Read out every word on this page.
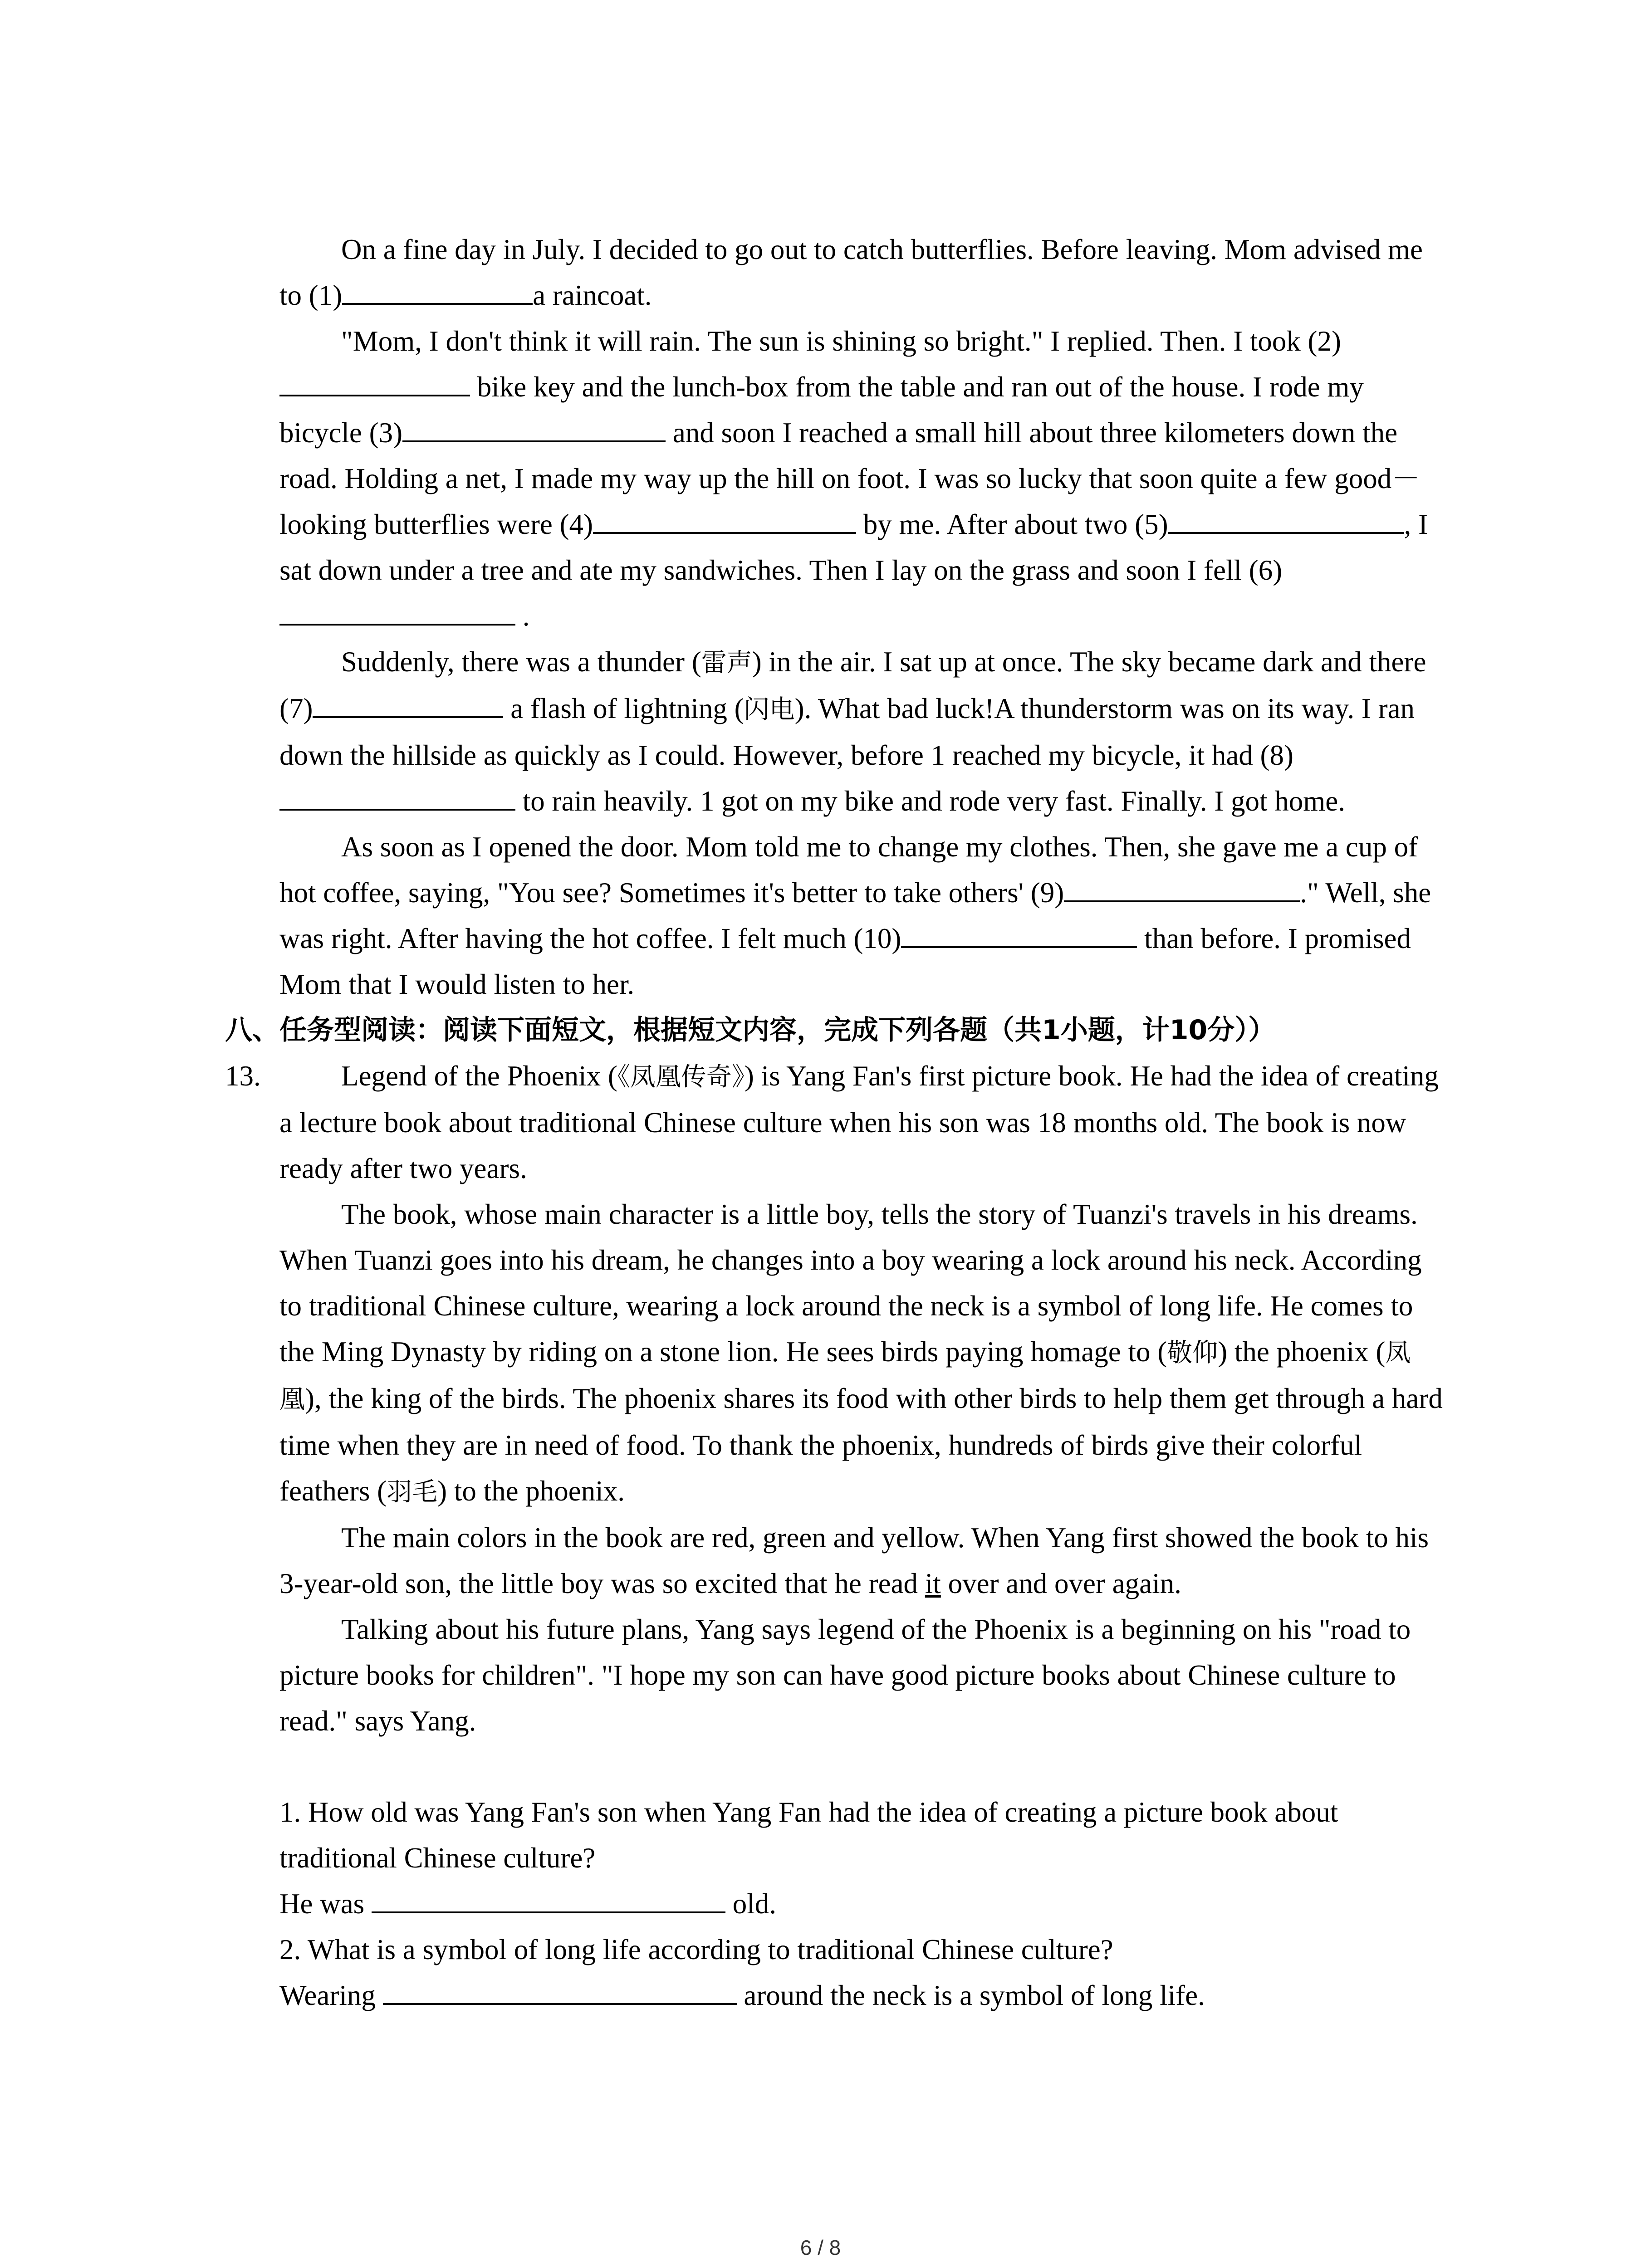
On a fine day in July. I decided to go out to catch butterflies. Before leaving. Mom advised me to (1)	a raincoat.

"Mom, I don't think it will rain. The sun is shining so bright." I replied. Then. I took (2) bike key and the lunch-box from the table and ran out of the house. I rode my bicycle (3)	and soon I reached a small hill about three kilometers down the road. Holding a net, I made my way up the hill on foot. I was so lucky that soon quite a few good－looking butterflies were (4)	by me. After about two (5)	, I sat down under a tree and ate my sandwiches. Then I lay on the grass and soon I fell (6) .

Suddenly, there was a thunder (雷声) in the air. I sat up at once. The sky became dark and there (7)	a flash of lightning (闪电). What bad luck!A thunderstorm was on its way. I ran down the hillside as quickly as I could. However, before 1 reached my bicycle, it had (8) to rain heavily. 1 got on my bike and rode very fast. Finally. I got home.

As soon as I opened the door. Mom told me to change my clothes. Then, she gave me a cup of hot coffee, saying, "You see? Sometimes it's better to take others' (9)	." Well, she was right. After having the hot coffee. I felt much (10)	than before. I promised Mom that I would listen to her.

八、任务型阅读：阅读下面短文，根据短文内容，完成下列各题（共1小题，计10分））

13.	Legend of the Phoenix (《凤凰传奇》) is Yang Fan's first picture book. He had the idea of creating a lecture book about traditional Chinese culture when his son was 18 months old. The book is now ready after two years.

The book, whose main character is a little boy, tells the story of Tuanzi's travels in his dreams. When Tuanzi goes into his dream, he changes into a boy wearing a lock around his neck. According to traditional Chinese culture, wearing a lock around the neck is a symbol of long life. He comes to the Ming Dynasty by riding on a stone lion. He sees birds paying homage to (敬仰) the phoenix (凤凰), the king of the birds. The phoenix shares its food with other birds to help them get through a hard time when they are in need of food. To thank the phoenix, hundreds of birds give their colorful feathers (羽毛) to the phoenix.

The main colors in the book are red, green and yellow. When Yang first showed the book to his 3-year-old son, the little boy was so excited that he read it over and over again.

Talking about his future plans, Yang says legend of the Phoenix is a beginning on his "road to picture books for children". "I hope my son can have good picture books about Chinese culture to read." says Yang.

1. How old was Yang Fan's son when Yang Fan had the idea of creating a picture book about traditional Chinese culture?

He was	old.

2. What is a symbol of long life according to traditional Chinese culture?

Wearing	around the neck is a symbol of long life.

6 / 8
